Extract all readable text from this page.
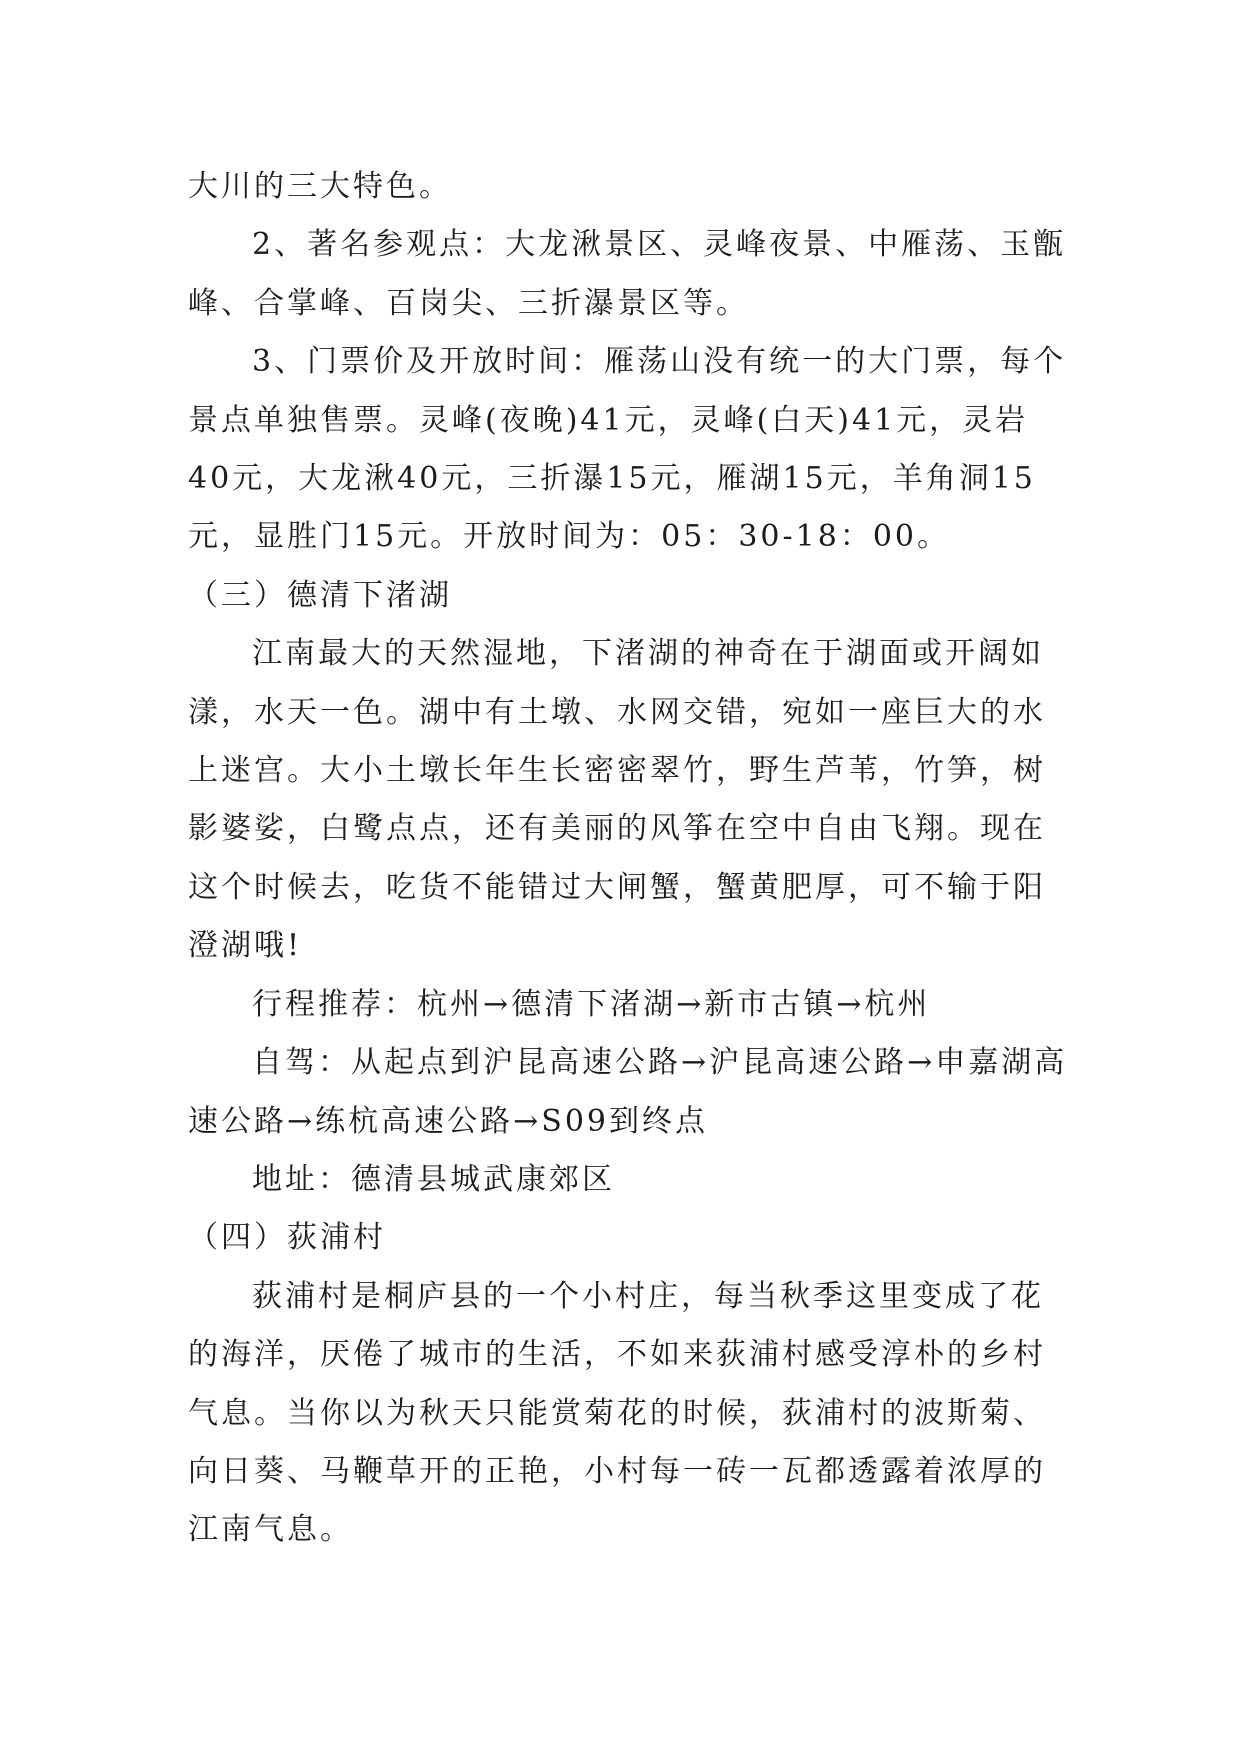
大川的三大特色。

2、著名参观点：大龙湫景区、灵峰夜景、中雁荡、玉甑峰、合掌峰、百岗尖、三折瀑景区等。

3、门票价及开放时间：雁荡山没有统一的大门票，每个景点单独售票。灵峰(夜晚)41元，灵峰(白天)41元，灵岩40元，大龙湫40元，三折瀑15元，雁湖15元，羊角洞15元，显胜门15元。开放时间为：05：30-18：00。

（三）德清下渚湖

江南最大的天然湿地，下渚湖的神奇在于湖面或开阔如漾，水天一色。湖中有土墩、水网交错，宛如一座巨大的水上迷宫。大小土墩长年生长密密翠竹，野生芦苇，竹笋，树影婆娑，白鹭点点，还有美丽的风筝在空中自由飞翔。现在这个时候去，吃货不能错过大闸蟹，蟹黄肥厚，可不输于阳澄湖哦!

行程推荐：杭州→德清下渚湖→新市古镇→杭州

自驾：从起点到沪昆高速公路→沪昆高速公路→申嘉湖高速公路→练杭高速公路→S09到终点

地址：德清县城武康郊区

（四）荻浦村

荻浦村是桐庐县的一个小村庄，每当秋季这里变成了花的海洋，厌倦了城市的生活，不如来荻浦村感受淳朴的乡村气息。当你以为秋天只能赏菊花的时候，荻浦村的波斯菊、向日葵、马鞭草开的正艳，小村每一砖一瓦都透露着浓厚的江南气息。
